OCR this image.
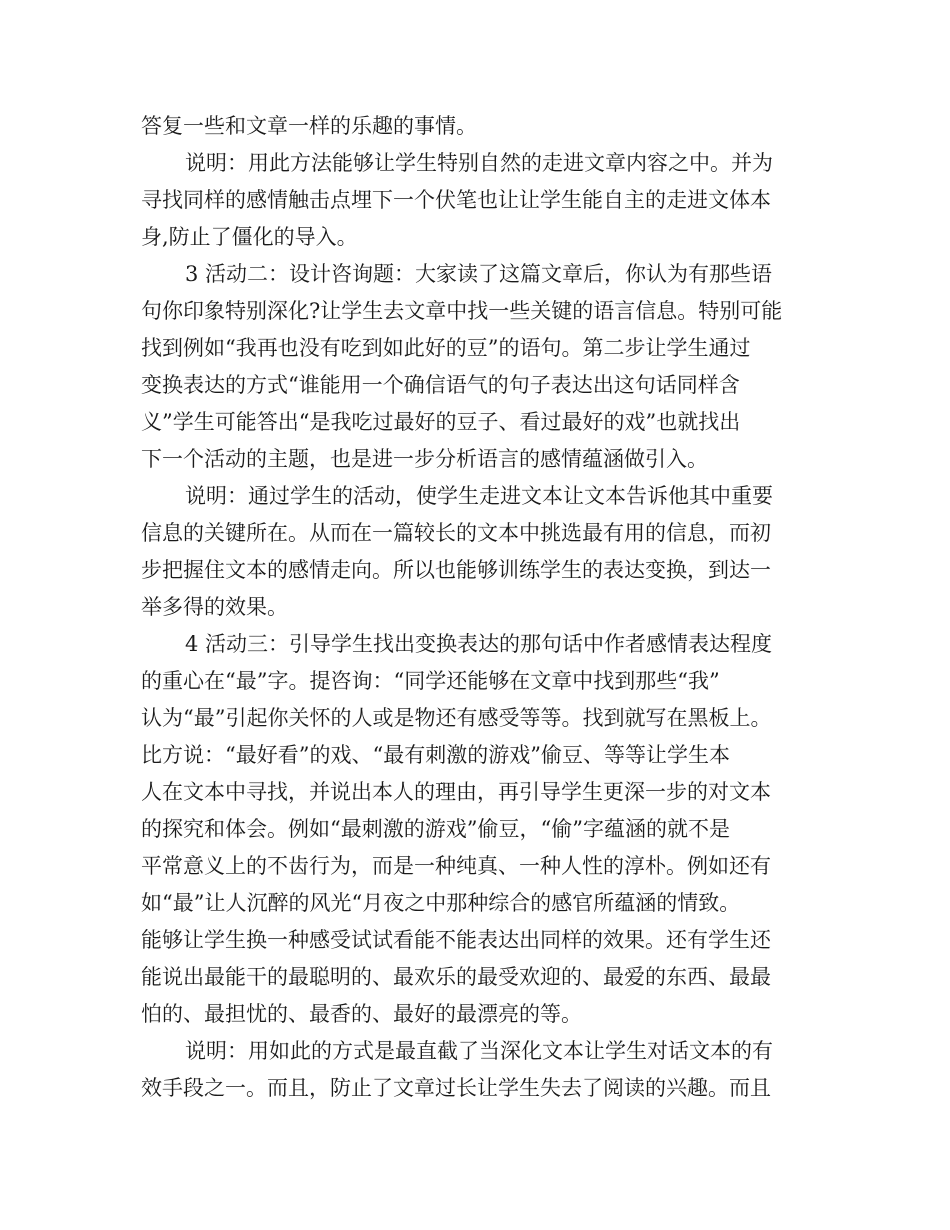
答复一些和文章一样的乐趣的事情。
说明：用此方法能够让学生特别自然的走进文章内容之中。并为
寻找同样的感情触击点埋下一个伏笔也让让学生能自主的走进文体本
身,防止了僵化的导入。
3 活动二：设计咨询题：大家读了这篇文章后，你认为有那些语
句你印象特别深化?让学生去文章中找一些关键的语言信息。特别可能
找到例如“我再也没有吃到如此好的豆”的语句。第二步让学生通过
变换表达的方式“谁能用一个确信语气的句子表达出这句话同样含
义”学生可能答出“是我吃过最好的豆子、看过最好的戏”也就找出
下一个活动的主题，也是进一步分析语言的感情蕴涵做引入。
说明：通过学生的活动，使学生走进文本让文本告诉他其中重要
信息的关键所在。从而在一篇较长的文本中挑选最有用的信息，而初
步把握住文本的感情走向。所以也能够训练学生的表达变换，到达一
举多得的效果。
4 活动三：引导学生找出变换表达的那句话中作者感情表达程度
的重心在“最”字。提咨询：“同学还能够在文章中找到那些“我”
认为“最”引起你关怀的人或是物还有感受等等。找到就写在黑板上。
比方说：“最好看”的戏、“最有刺激的游戏”偷豆、等等让学生本
人在文本中寻找，并说出本人的理由，再引导学生更深一步的对文本
的探究和体会。例如“最刺激的游戏”偷豆，“偷”字蕴涵的就不是
平常意义上的不齿行为，而是一种纯真、一种人性的淳朴。例如还有
如“最”让人沉醉的风光“月夜之中那种综合的感官所蕴涵的情致。
能够让学生换一种感受试试看能不能表达出同样的效果。还有学生还
能说出最能干的最聪明的、最欢乐的最受欢迎的、最爱的东西、最最
怕的、最担忧的、最香的、最好的最漂亮的等。
说明：用如此的方式是最直截了当深化文本让学生对话文本的有
效手段之一。而且，防止了文章过长让学生失去了阅读的兴趣。而且
